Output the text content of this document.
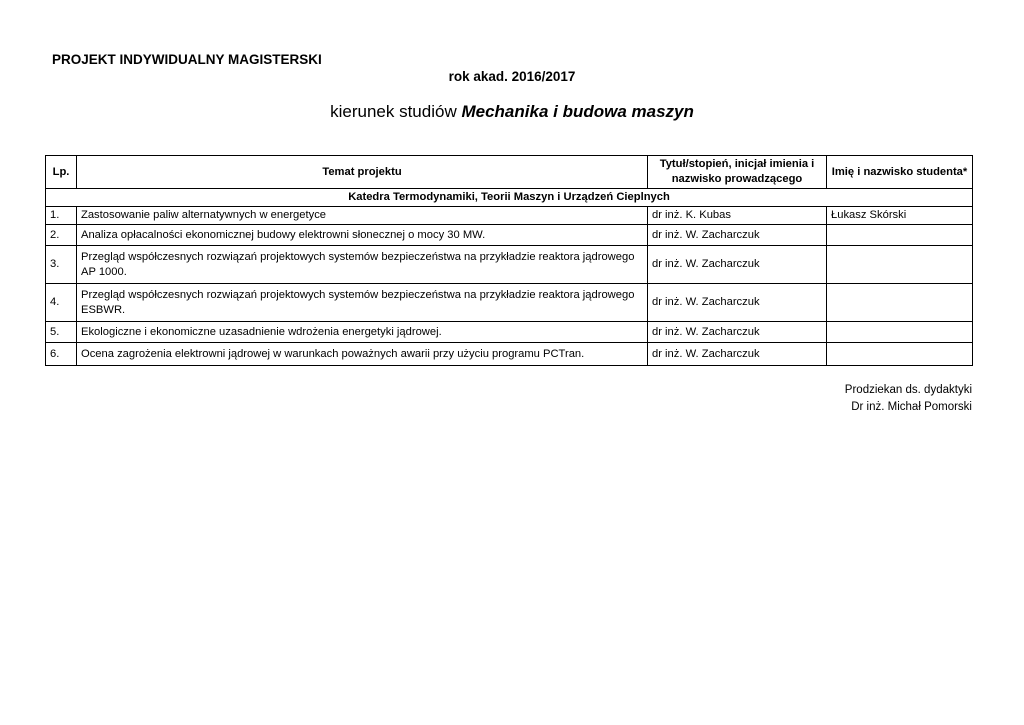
PROJEKT INDYWIDUALNY MAGISTERSKI
rok akad. 2016/2017
kierunek studiów Mechanika i budowa maszyn
Lp.	Temat projektu	Tytuł/stopień, inicjał imienia i nazwisko prowadzącego	Imię i nazwisko studenta*
Katedra Termodynamiki, Teorii Maszyn i Urządzeń Cieplnych			
1.	Zastosowanie paliw alternatywnych w energetyce	dr inż. K. Kubas	Łukasz Skórski
2.	Analiza opłacalności ekonomicznej budowy elektrowni słonecznej o mocy 30 MW.	dr inż. W. Zacharczuk	
3.	Przegląd współczesnych rozwiązań projektowych systemów bezpieczeństwa na przykładzie reaktora jądrowego AP 1000.	dr inż. W. Zacharczuk	
4.	Przegląd współczesnych rozwiązań projektowych systemów bezpieczeństwa na przykładzie reaktora jądrowego ESBWR.	dr inż. W. Zacharczuk	
5.	Ekologiczne i ekonomiczne uzasadnienie wdrożenia energetyki jądrowej.	dr inż. W. Zacharczuk	
6.	Ocena zagrożenia elektrowni jądrowej w warunkach poważnych awarii przy użyciu programu PCTran.	dr inż. W. Zacharczuk	
Prodziekan ds. dydaktyki
Dr inż. Michał Pomorski
